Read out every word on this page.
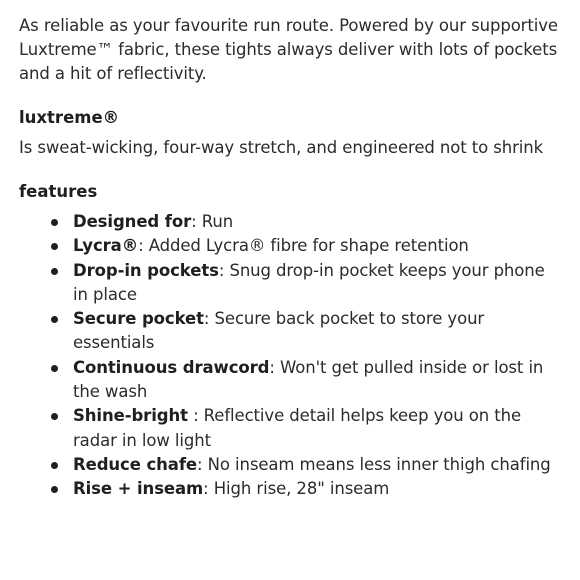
As reliable as your favourite run route. Powered by our supportive Luxtreme™ fabric, these tights always deliver with lots of pockets and a hit of reflectivity.

luxtreme®

Is sweat-wicking, four-way stretch, and engineered not to shrink

features
Designed for: Run
Lycra®: Added Lycra® fibre for shape retention
Drop-in pockets: Snug drop-in pocket keeps your phone in place
Secure pocket: Secure back pocket to store your essentials
Continuous drawcord: Won't get pulled inside or lost in the wash
Shine-bright : Reflective detail helps keep you on the radar in low light
Reduce chafe: No inseam means less inner thigh chafing
Rise + inseam: High rise, 28" inseam
